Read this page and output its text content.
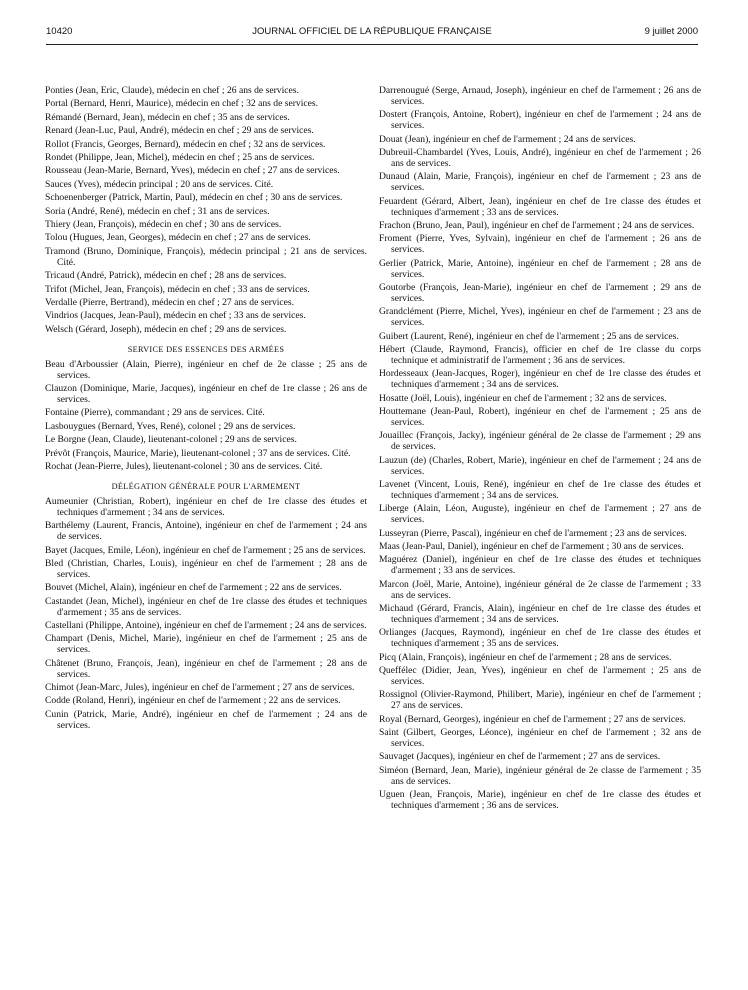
10420	JOURNAL OFFICIEL DE LA RÉPUBLIQUE FRANÇAISE	9 juillet 2000
Ponties (Jean, Eric, Claude), médecin en chef ; 26 ans de services.
Portal (Bernard, Henri, Maurice), médecin en chef ; 32 ans de services.
Rémandé (Bernard, Jean), médecin en chef ; 35 ans de services.
Renard (Jean-Luc, Paul, André), médecin en chef ; 29 ans de services.
Rollot (Francis, Georges, Bernard), médecin en chef ; 32 ans de services.
Rondet (Philippe, Jean, Michel), médecin en chef ; 25 ans de services.
Rousseau (Jean-Marie, Bernard, Yves), médecin en chef ; 27 ans de services.
Sauces (Yves), médecin principal ; 20 ans de services. Cité.
Schoenenberger (Patrick, Martin, Paul), médecin en chef ; 30 ans de services.
Soria (André, René), médecin en chef ; 31 ans de services.
Thiery (Jean, François), médecin en chef ; 30 ans de services.
Tolou (Hugues, Jean, Georges), médecin en chef ; 27 ans de services.
Tramond (Bruno, Dominique, François), médecin principal ; 21 ans de services. Cité.
Tricaud (André, Patrick), médecin en chef ; 28 ans de services.
Trifot (Michel, Jean, François), médecin en chef ; 33 ans de services.
Verdalle (Pierre, Bertrand), médecin en chef ; 27 ans de services.
Vindrios (Jacques, Jean-Paul), médecin en chef ; 33 ans de services.
Welsch (Gérard, Joseph), médecin en chef ; 29 ans de services.
SERVICE DES ESSENCES DES ARMÉES
Beau d'Arboussier (Alain, Pierre), ingénieur en chef de 2e classe ; 25 ans de services.
Clauzon (Dominique, Marie, Jacques), ingénieur en chef de 1re classe ; 26 ans de services.
Fontaine (Pierre), commandant ; 29 ans de services. Cité.
Lasbouygues (Bernard, Yves, René), colonel ; 29 ans de services.
Le Borgne (Jean, Claude), lieutenant-colonel ; 29 ans de services.
Prévôt (François, Maurice, Marie), lieutenant-colonel ; 37 ans de services. Cité.
Rochat (Jean-Pierre, Jules), lieutenant-colonel ; 30 ans de services. Cité.
DÉLÉGATION GÉNÉRALE POUR L'ARMEMENT
Aumeunier (Christian, Robert), ingénieur en chef de 1re classe des études et techniques d'armement ; 34 ans de services.
Barthélemy (Laurent, Francis, Antoine), ingénieur en chef de l'armement ; 24 ans de services.
Bayet (Jacques, Emile, Léon), ingénieur en chef de l'armement ; 25 ans de services.
Bled (Christian, Charles, Louis), ingénieur en chef de l'armement ; 28 ans de services.
Bouvet (Michel, Alain), ingénieur en chef de l'armement ; 22 ans de services.
Castandet (Jean, Michel), ingénieur en chef de 1re classe des études et techniques d'armement ; 35 ans de services.
Castellani (Philippe, Antoine), ingénieur en chef de l'armement ; 24 ans de services.
Champart (Denis, Michel, Marie), ingénieur en chef de l'armement ; 25 ans de services.
Châtenet (Bruno, François, Jean), ingénieur en chef de l'armement ; 28 ans de services.
Chimot (Jean-Marc, Jules), ingénieur en chef de l'armement ; 27 ans de services.
Codde (Roland, Henri), ingénieur en chef de l'armement ; 22 ans de services.
Cunin (Patrick, Marie, André), ingénieur en chef de l'armement ; 24 ans de services.
Darrenougué (Serge, Arnaud, Joseph), ingénieur en chef de l'armement ; 26 ans de services.
Dostert (François, Antoine, Robert), ingénieur en chef de l'armement ; 24 ans de services.
Douat (Jean), ingénieur en chef de l'armement ; 24 ans de services.
Dubreuil-Chambardel (Yves, Louis, André), ingénieur en chef de l'armement ; 26 ans de services.
Dunaud (Alain, Marie, François), ingénieur en chef de l'armement ; 23 ans de services.
Feuardent (Gérard, Albert, Jean), ingénieur en chef de 1re classe des études et techniques d'armement ; 33 ans de services.
Frachon (Bruno, Jean, Paul), ingénieur en chef de l'armement ; 24 ans de services.
Froment (Pierre, Yves, Sylvain), ingénieur en chef de l'armement ; 26 ans de services.
Gerlier (Patrick, Marie, Antoine), ingénieur en chef de l'armement ; 28 ans de services.
Goutorbe (François, Jean-Marie), ingénieur en chef de l'armement ; 29 ans de services.
Grandclément (Pierre, Michel, Yves), ingénieur en chef de l'armement ; 23 ans de services.
Guibert (Laurent, René), ingénieur en chef de l'armement ; 25 ans de services.
Hébert (Claude, Raymond, Francis), officier en chef de 1re classe du corps technique et administratif de l'armement ; 36 ans de services.
Hordesseaux (Jean-Jacques, Roger), ingénieur en chef de 1re classe des études et techniques d'armement ; 34 ans de services.
Hosatte (Joël, Louis), ingénieur en chef de l'armement ; 32 ans de services.
Houttemane (Jean-Paul, Robert), ingénieur en chef de l'armement ; 25 ans de services.
Jouaillec (François, Jacky), ingénieur général de 2e classe de l'armement ; 29 ans de services.
Lauzun (de) (Charles, Robert, Marie), ingénieur en chef de l'armement ; 24 ans de services.
Lavenet (Vincent, Louis, René), ingénieur en chef de 1re classe des études et techniques d'armement ; 34 ans de services.
Liberge (Alain, Léon, Auguste), ingénieur en chef de l'armement ; 27 ans de services.
Lusseyran (Pierre, Pascal), ingénieur en chef de l'armement ; 23 ans de services.
Maas (Jean-Paul, Daniel), ingénieur en chef de l'armement ; 30 ans de services.
Maguérez (Daniel), ingénieur en chef de 1re classe des études et techniques d'armement ; 33 ans de services.
Marcon (Joël, Marie, Antoine), ingénieur général de 2e classe de l'armement ; 33 ans de services.
Michaud (Gérard, Francis, Alain), ingénieur en chef de 1re classe des études et techniques d'armement ; 34 ans de services.
Orlianges (Jacques, Raymond), ingénieur en chef de 1re classe des études et techniques d'armement ; 35 ans de services.
Picq (Alain, François), ingénieur en chef de l'armement ; 28 ans de services.
Queffélec (Didier, Jean, Yves), ingénieur en chef de l'armement ; 25 ans de services.
Rossignol (Olivier-Raymond, Philibert, Marie), ingénieur en chef de l'armement ; 27 ans de services.
Royal (Bernard, Georges), ingénieur en chef de l'armement ; 27 ans de services.
Saint (Gilbert, Georges, Léonce), ingénieur en chef de l'armement ; 32 ans de services.
Sauvaget (Jacques), ingénieur en chef de l'armement ; 27 ans de services.
Siméon (Bernard, Jean, Marie), ingénieur général de 2e classe de l'armement ; 35 ans de services.
Uguen (Jean, François, Marie), ingénieur en chef de 1re classe des études et techniques d'armement ; 36 ans de services.
